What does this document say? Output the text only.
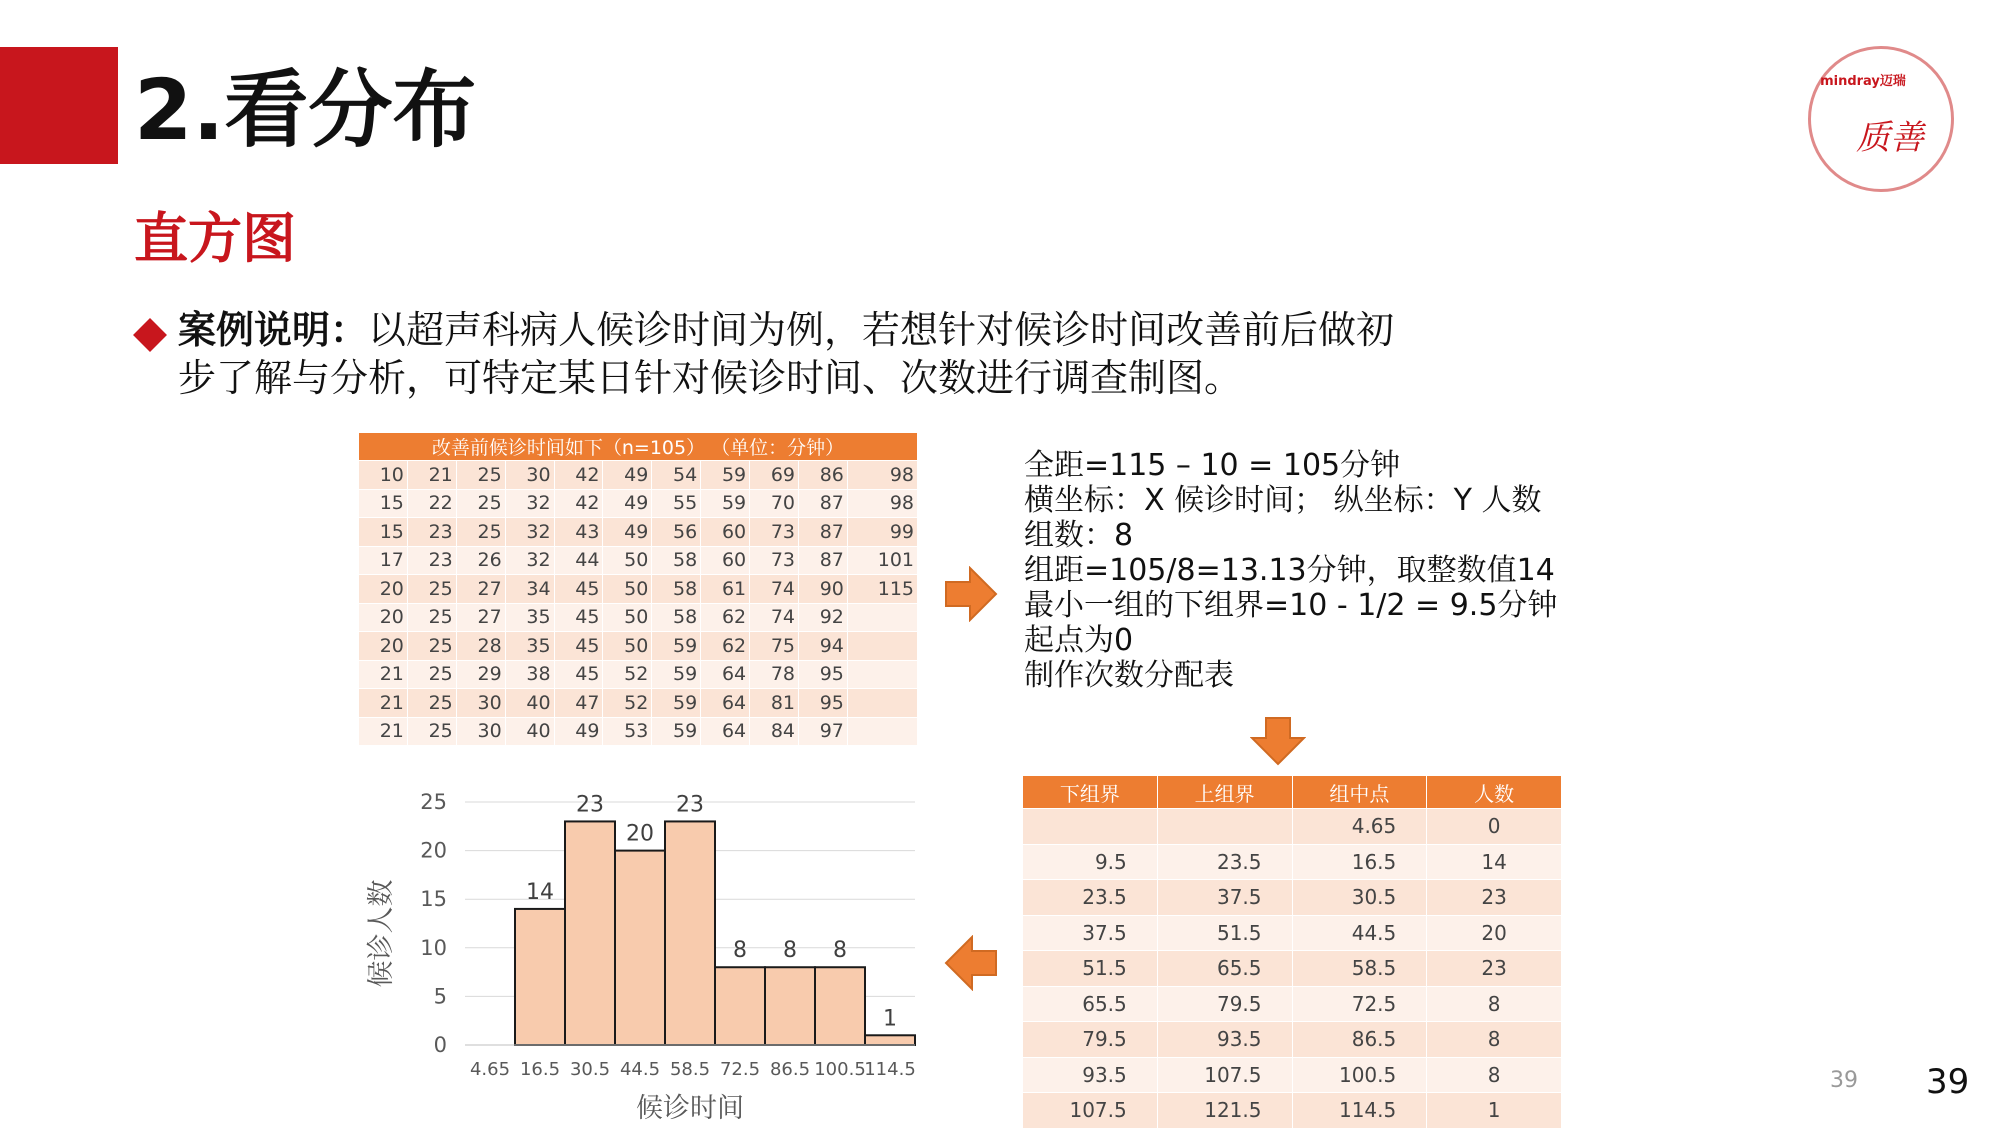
2.看分布
直方图
案例说明：以超声科病人候诊时间为例，若想针对候诊时间改善前后做初
步了解与分析，可特定某日针对候诊时间、次数进行调查制图。
mindray迈瑞
质善
改善前候诊时间如下（n=105） （单位：分钟）										
10	21	25	30	42	49	54	59	69	86	98
15	22	25	32	42	49	55	59	70	87	98
15	23	25	32	43	49	56	60	73	87	99
17	23	26	32	44	50	58	60	73	87	101
20	25	27	34	45	50	58	61	74	90	115
20	25	27	35	45	50	58	62	74	92	
20	25	28	35	45	50	59	62	75	94	
21	25	29	38	45	52	59	64	78	95	
21	25	30	40	47	52	59	64	81	95	
21	25	30	40	49	53	59	64	84	97	
全距=115 – 10 = 105分钟
横坐标：X 候诊时间； 纵坐标：Y 人数
组数：8
组距=105/8=13.13分钟，取整数值14
最小一组的下组界=10 - 1/2 = 9.5分钟
起点为0
制作次数分配表
下组界	上组界	组中点	人数
		4.65	0
9.5	23.5	16.5	14
23.5	37.5	30.5	23
37.5	51.5	44.5	20
51.5	65.5	58.5	23
65.5	79.5	72.5	8
79.5	93.5	86.5	8
93.5	107.5	100.5	8
107.5	121.5	114.5	1
0
5
10
15
20
25
4.65
14
16.5
23
30.5
20
44.5
23
58.5
8
72.5
8
86.5
8
100.5
1
114.5
候诊时间
候诊人数
39 39
